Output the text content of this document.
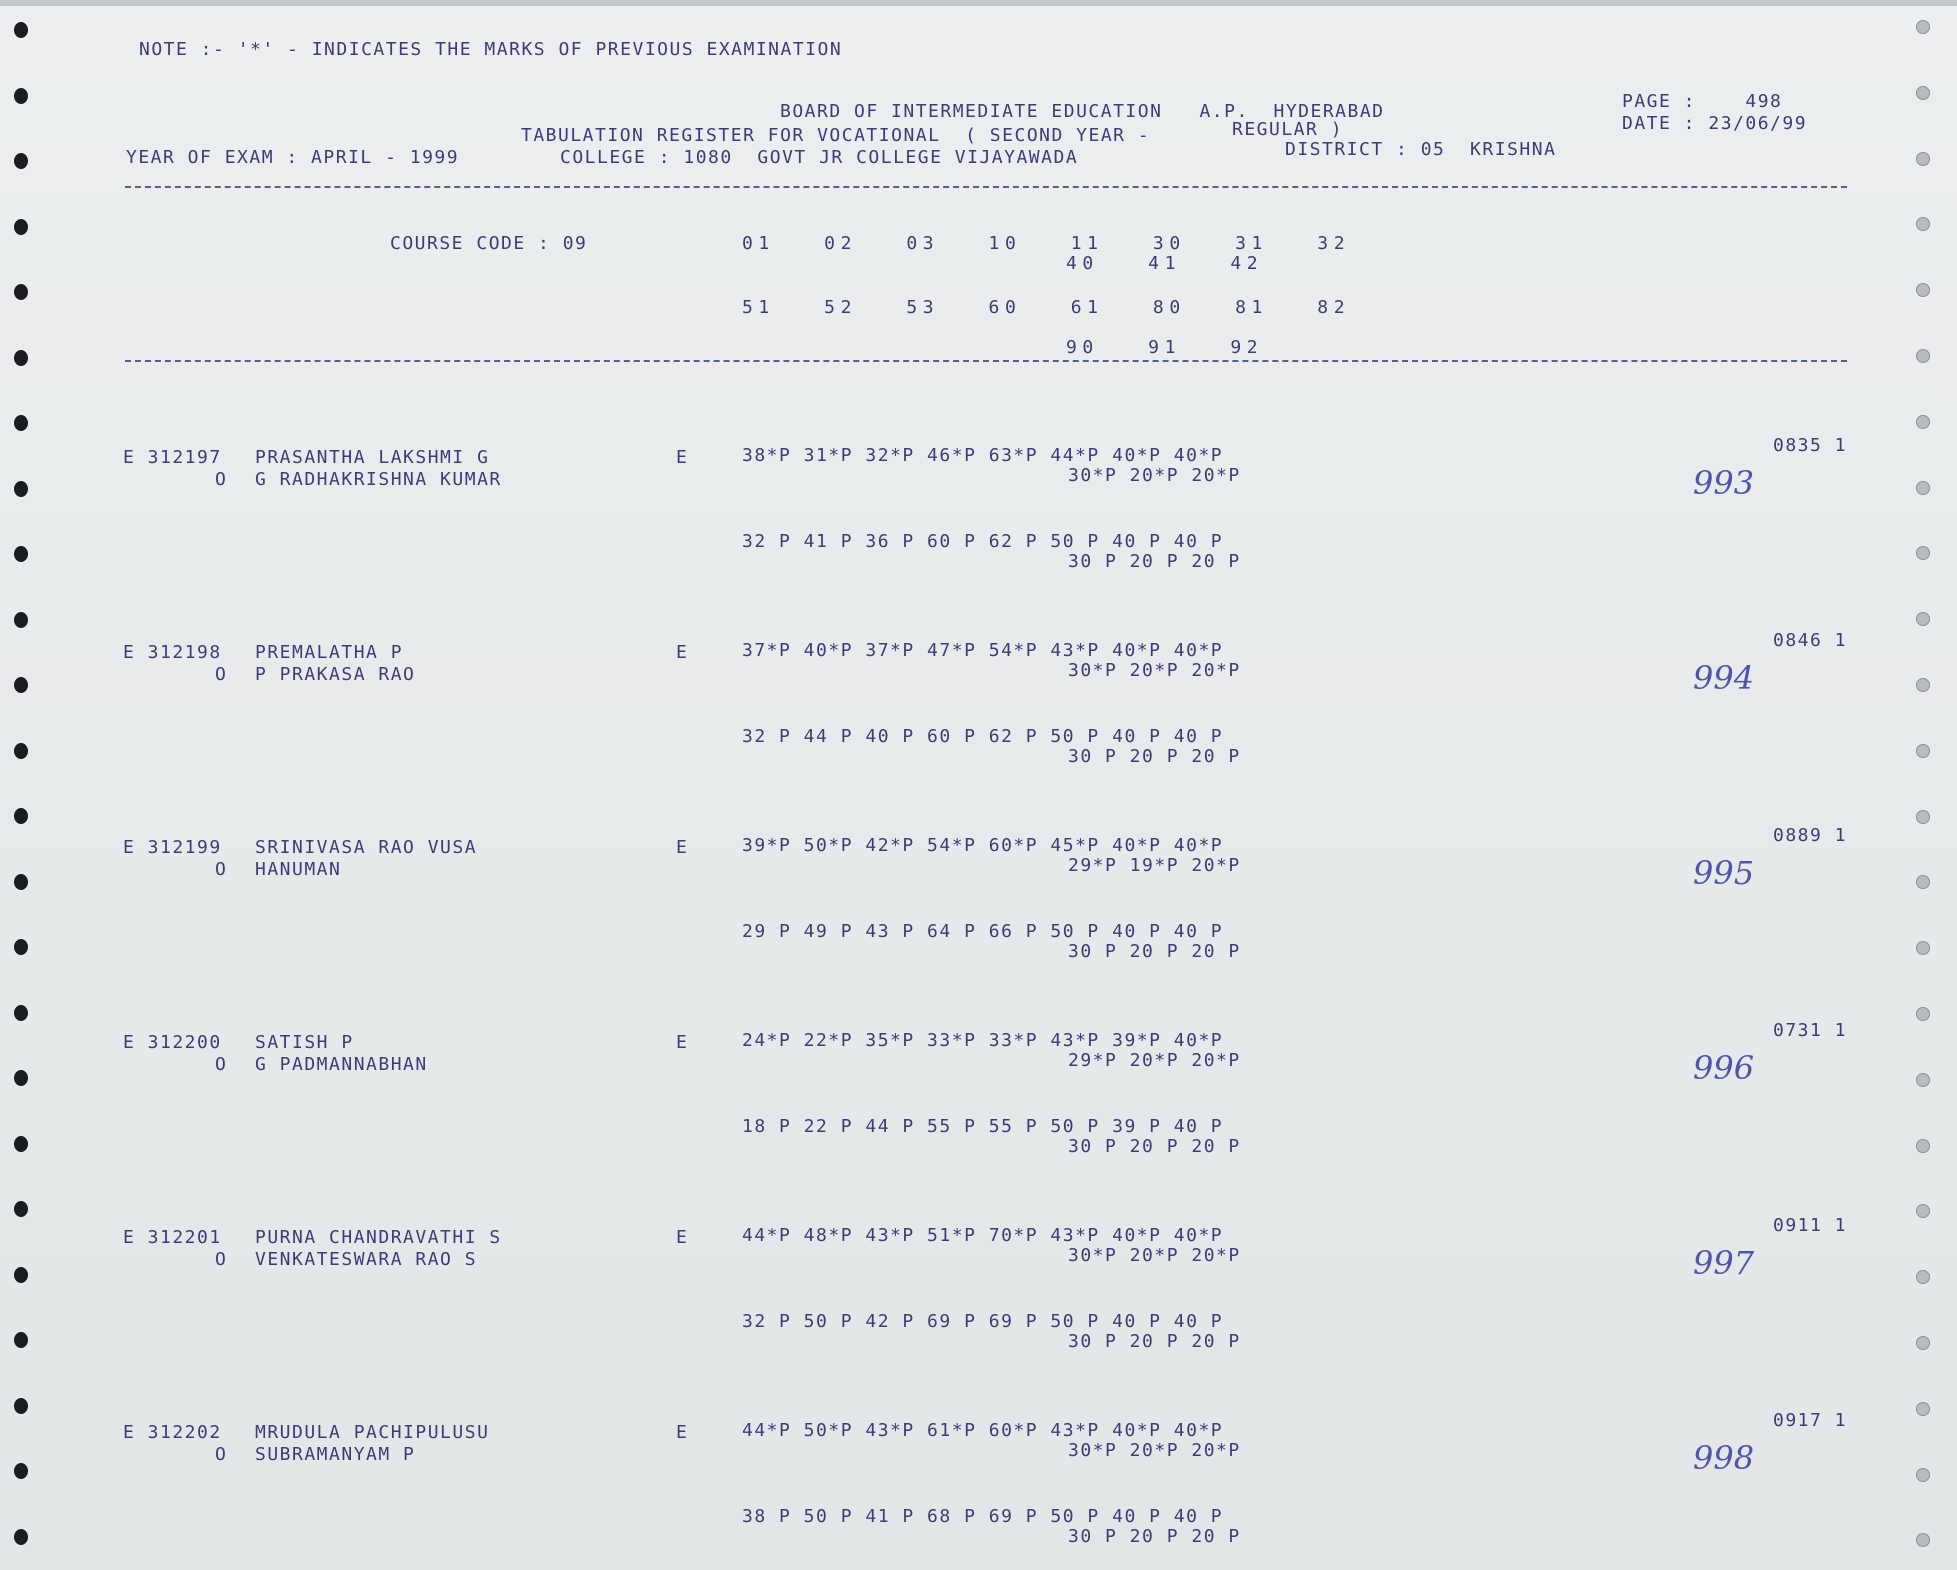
NOTE :- '*' - INDICATES THE MARKS OF PREVIOUS EXAMINATION
BOARD OF INTERMEDIATE EDUCATION   A.P.  HYDERABAD	PAGE :    498
DATE : 23/06/99
TABULATION REGISTER FOR VOCATIONAL  ( SECOND YEAR -	REGULAR )
YEAR OF EXAM : APRIL - 1999	COLLEGE : 1080  GOVT JR COLLEGE VIJAYAWADA	DISTRICT : 05  KRISHNA
COURSE CODE : 09	01   02   03   10   11   30   31   32
40   41   42
51   52   53   60   61   80   81   82
90   91   92
E 312197 PRASANTHA LAKSHMI G
O G RADHAKRISHNA KUMAR
E	38*P 31*P 32*P 46*P 63*P 44*P 40*P 40*P
30*P 20*P 20*P
32 P 41 P 36 P 60 P 62 P 50 P 40 P 40 P
30 P 20 P 20 P
0835 1
993
E 312198 PREMALATHA P
O P PRAKASA RAO
E	37*P 40*P 37*P 47*P 54*P 43*P 40*P 40*P
30*P 20*P 20*P
32 P 44 P 40 P 60 P 62 P 50 P 40 P 40 P
30 P 20 P 20 P
0846 1
994
E 312199 SRINIVASA RAO VUSA
O HANUMAN
E	39*P 50*P 42*P 54*P 60*P 45*P 40*P 40*P
29*P 19*P 20*P
29 P 49 P 43 P 64 P 66 P 50 P 40 P 40 P
30 P 20 P 20 P
0889 1
995
E 312200 SATISH P
O G PADMANNABHAN
E	24*P 22*P 35*P 33*P 33*P 43*P 39*P 40*P
29*P 20*P 20*P
18 P 22 P 44 P 55 P 55 P 50 P 39 P 40 P
30 P 20 P 20 P
0731 1
996
E 312201 PURNA CHANDRAVATHI S
O VENKATESWARA RAO S
E	44*P 48*P 43*P 51*P 70*P 43*P 40*P 40*P
30*P 20*P 20*P
32 P 50 P 42 P 69 P 69 P 50 P 40 P 40 P
30 P 20 P 20 P
0911 1
997
E 312202 MRUDULA PACHIPULUSU
O SUBRAMANYAM P
E	44*P 50*P 43*P 61*P 60*P 43*P 40*P 40*P
30*P 20*P 20*P
38 P 50 P 41 P 68 P 69 P 50 P 40 P 40 P
30 P 20 P 20 P
0917 1
998
